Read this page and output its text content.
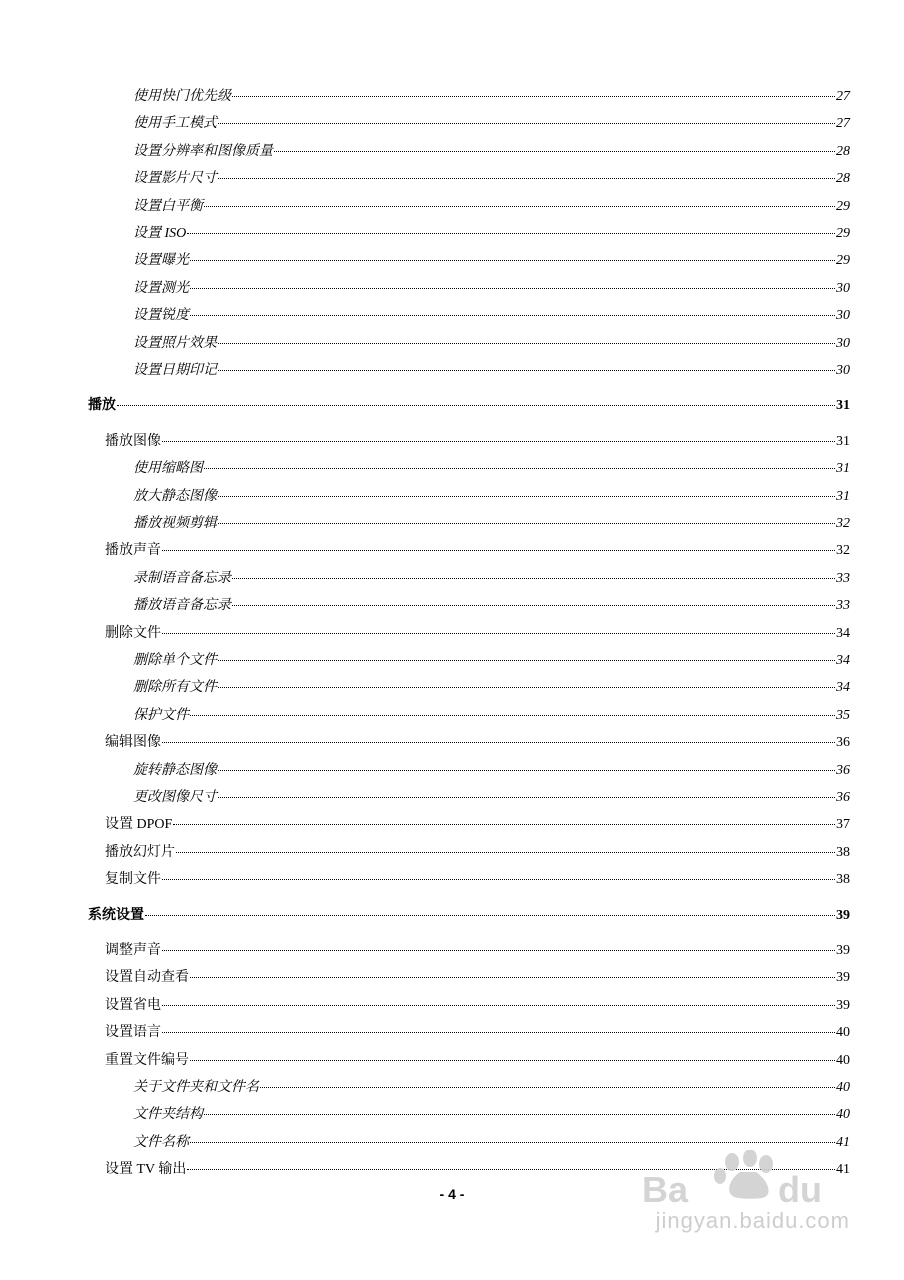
使用快门优先级	27
使用手工模式	27
设置分辨率和图像质量	28
设置影片尺寸	28
设置白平衡	29
设置 ISO	29
设置曝光	29
设置测光	30
设置锐度	30
设置照片效果	30
设置日期印记	30
播放	31
播放图像	31
使用缩略图	31
放大静态图像	31
播放视频剪辑	32
播放声音	32
录制语音备忘录	33
播放语音备忘录	33
删除文件	34
删除单个文件	34
删除所有文件	34
保护文件	35
编辑图像	36
旋转静态图像	36
更改图像尺寸	36
设置 DPOF	37
播放幻灯片	38
复制文件	38
系统设置	39
调整声音	39
设置自动查看	39
设置省电	39
设置语言	40
重置文件编号	40
关于文件夹和文件名	40
文件夹结构	40
文件名称	41
设置 TV 输出	41
- 4 -	Ba du
jingyan.baidu.com
